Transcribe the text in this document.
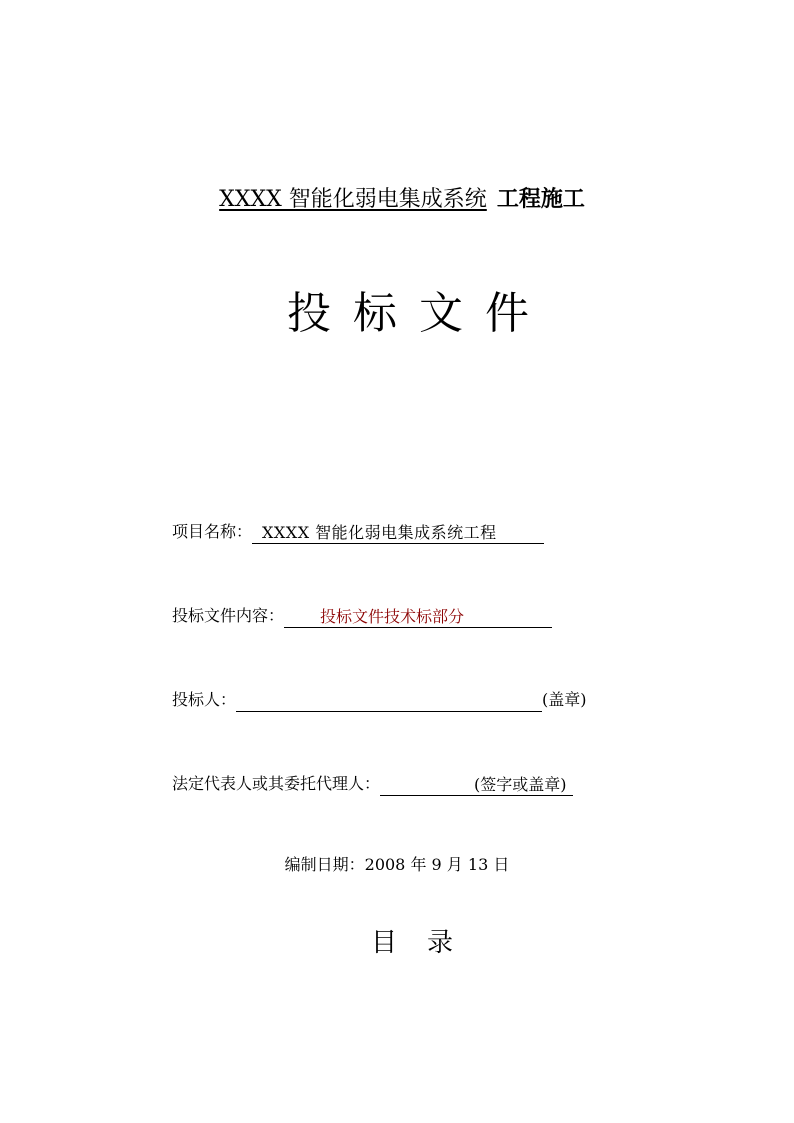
XXXX 智能化弱电集成系统 工程施工
投标文件
项目名称： XXXX 智能化弱电集成系统工程
投标文件内容：	投标文件技术标部分
投标人：	(盖章)
法定代表人或其委托代理人：	(签字或盖章)
编制日期：2008 年 9 月 13 日
目录
